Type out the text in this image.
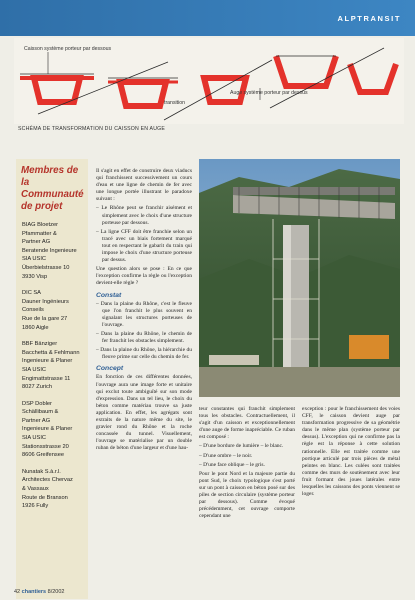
ALPTRANSIT
Caisson système porteur par dessous
transition
Auge système porteur par dessus
SCHÉMA DE TRANSFORMATION DU CAISSON EN AUGE
Membres de la Communauté de projet
BIAG Bloetzer
Pfammatter &
Partner AG
Beratende Ingenieure
SIA USIC
Überbielstrasse 10
3930 Visp
DIC SA
Dauner Ingénieurs
Conseils
Rue de la gare 27
1860 Aigle
BBF Bänziger
Bacchetta & Fehlmann
Ingenieure & Planer
SIA USIC
Engimattstrasse 11
8027 Zurich
DSP Dobler
Schällibaum &
Partner AG
Ingenieure & Planer
SIA USIC
Stationsstrasse 20
8606 Greifensee
Nunatak S.à.r.l.
Architectes Chervaz
& Vassaux
Route de Branson
1926 Fully

Il s'agit en effet de construire deux viaducs qui franchissent successivement un cours d'eau et une ligne de chemin de fer avec une longue portée illustrant le paradoxe suivant :

– Le Rhône peut se franchir aisément et simplement avec le choix d'une structure porteuse par dessous.

– La ligne CFF doit être franchie selon un tracé avec un biais fortement marqué tout en respectant le gabarit du train qui impose le choix d'une structure porteuse par dessus.

Une question alors se pose : En ce que l'exception confirme la règle ou l'exception devient-elle règle ?

Constat

– Dans la plaine du Rhône, c'est le fleuve que l'on franchit le plus souvent en signalant les structures porteuses de l'ouvrage.

– Dans la plaine du Rhône, le chemin de fer franchit les obstacles simplement.

– Dans la plaine du Rhône, la hiérarchie du fleuve prime sur celle du chemin de fer.

Concept

En fonction de ces différentes données, l'ouvrage aura une image forte et unitaire qui exclut toute ambiguïté sur son mode d'expression. Dans un tel lieu, le choix du béton comme matériau trouve sa juste application. En effet, les agrégats sont extraits de la nature même du site, le gravier rond du Rhône et la roche concassée du tunnel. Visuellement, l'ouvrage se matérialise par un double ruban de béton d'une largeur et d'une hau-

teur constantes qui franchit simplement tous les obstacles. Contractuellement, il s'agit d'un caisson et exceptionnellement d'une auge de forme inapréciable. Ce ruban est composé :

– D'une bordure de lumière – le blanc.

– D'une ombre – le noir.

– D'une face oblique – le gris.

Pour le pont Nord et la majeure partie du pont Sud, le choix typologique s'est porté sur un pont à caisson en béton posé sur des piles de section circulaire (système porteur par dessous). Comme évoqué précédemment, cet ouvrage comporte cependant une

exception : pour le franchissement des voies CFF, le caisson devient auge par transformation progressive de sa géométrie dans le même plan (système porteur par dessus). L'exception qui ne confirme pas la règle est la réponse à cette solution rationnelle. Elle est traitée comme une portique articulé par trois pièces de métal peintes en blanc. Les culées sont traitées comme des murs de soutènement avec leur fruit formant des joues latérales entre lesquelles les caissons des ponts viennent se loger.

42 chantiers 8/2002
